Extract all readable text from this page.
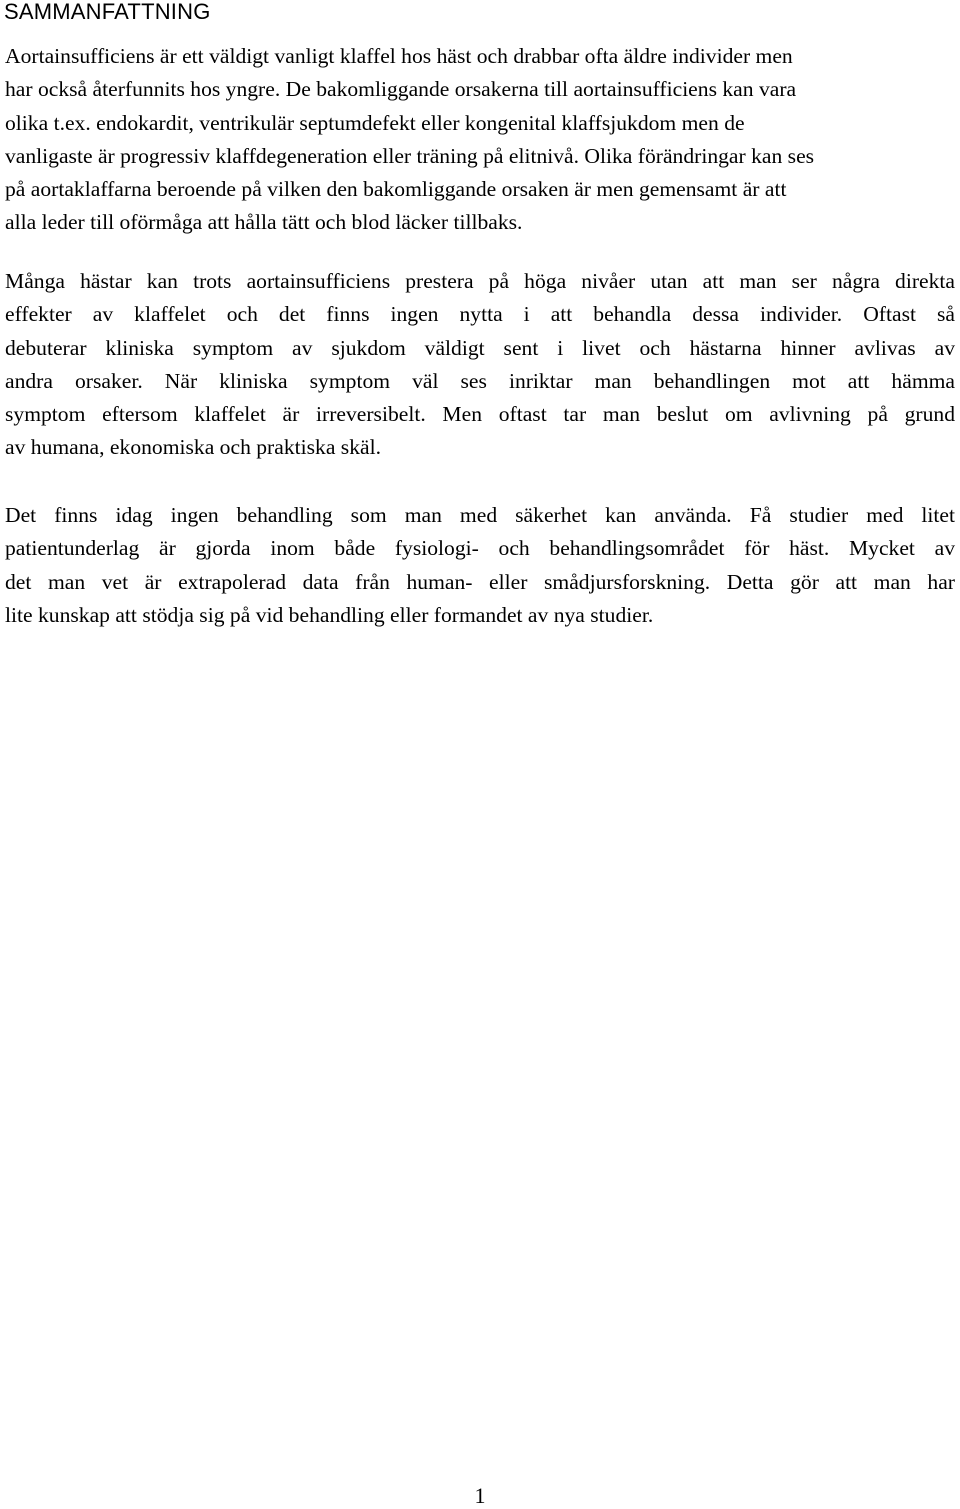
SAMMANFATTNING

Aortainsufficiens är ett väldigt vanligt klaffel hos häst och drabbar ofta äldre individer men
har också återfunnits hos yngre. De bakomliggande orsakerna till aortainsufficiens kan vara
olika t.ex. endokardit, ventrikulär septumdefekt eller kongenital klaffsjukdom men de
vanligaste är progressiv klaffdegeneration eller träning på elitnivå. Olika förändringar kan ses
på aortaklaffarna beroende på vilken den bakomliggande orsaken är men gemensamt är att
alla leder till oförmåga att hålla tätt och blod läcker tillbaks.

Många hästar kan trots aortainsufficiens prestera på höga nivåer utan att man ser några direkta
effekter av klaffelet och det finns ingen nytta i att behandla dessa individer. Oftast så
debuterar kliniska symptom av sjukdom väldigt sent i livet och hästarna hinner avlivas av
andra orsaker. När kliniska symptom väl ses inriktar man behandlingen mot att hämma
symptom eftersom klaffelet är irreversibelt. Men oftast tar man beslut om avlivning på grund
av humana, ekonomiska och praktiska skäl.

Det finns idag ingen behandling som man med säkerhet kan använda. Få studier med litet
patientunderlag är gjorda inom både fysiologi- och behandlingsområdet för häst. Mycket av
det man vet är extrapolerad data från human- eller smådjursforskning. Detta gör att man har
lite kunskap att stödja sig på vid behandling eller formandet av nya studier.

1
